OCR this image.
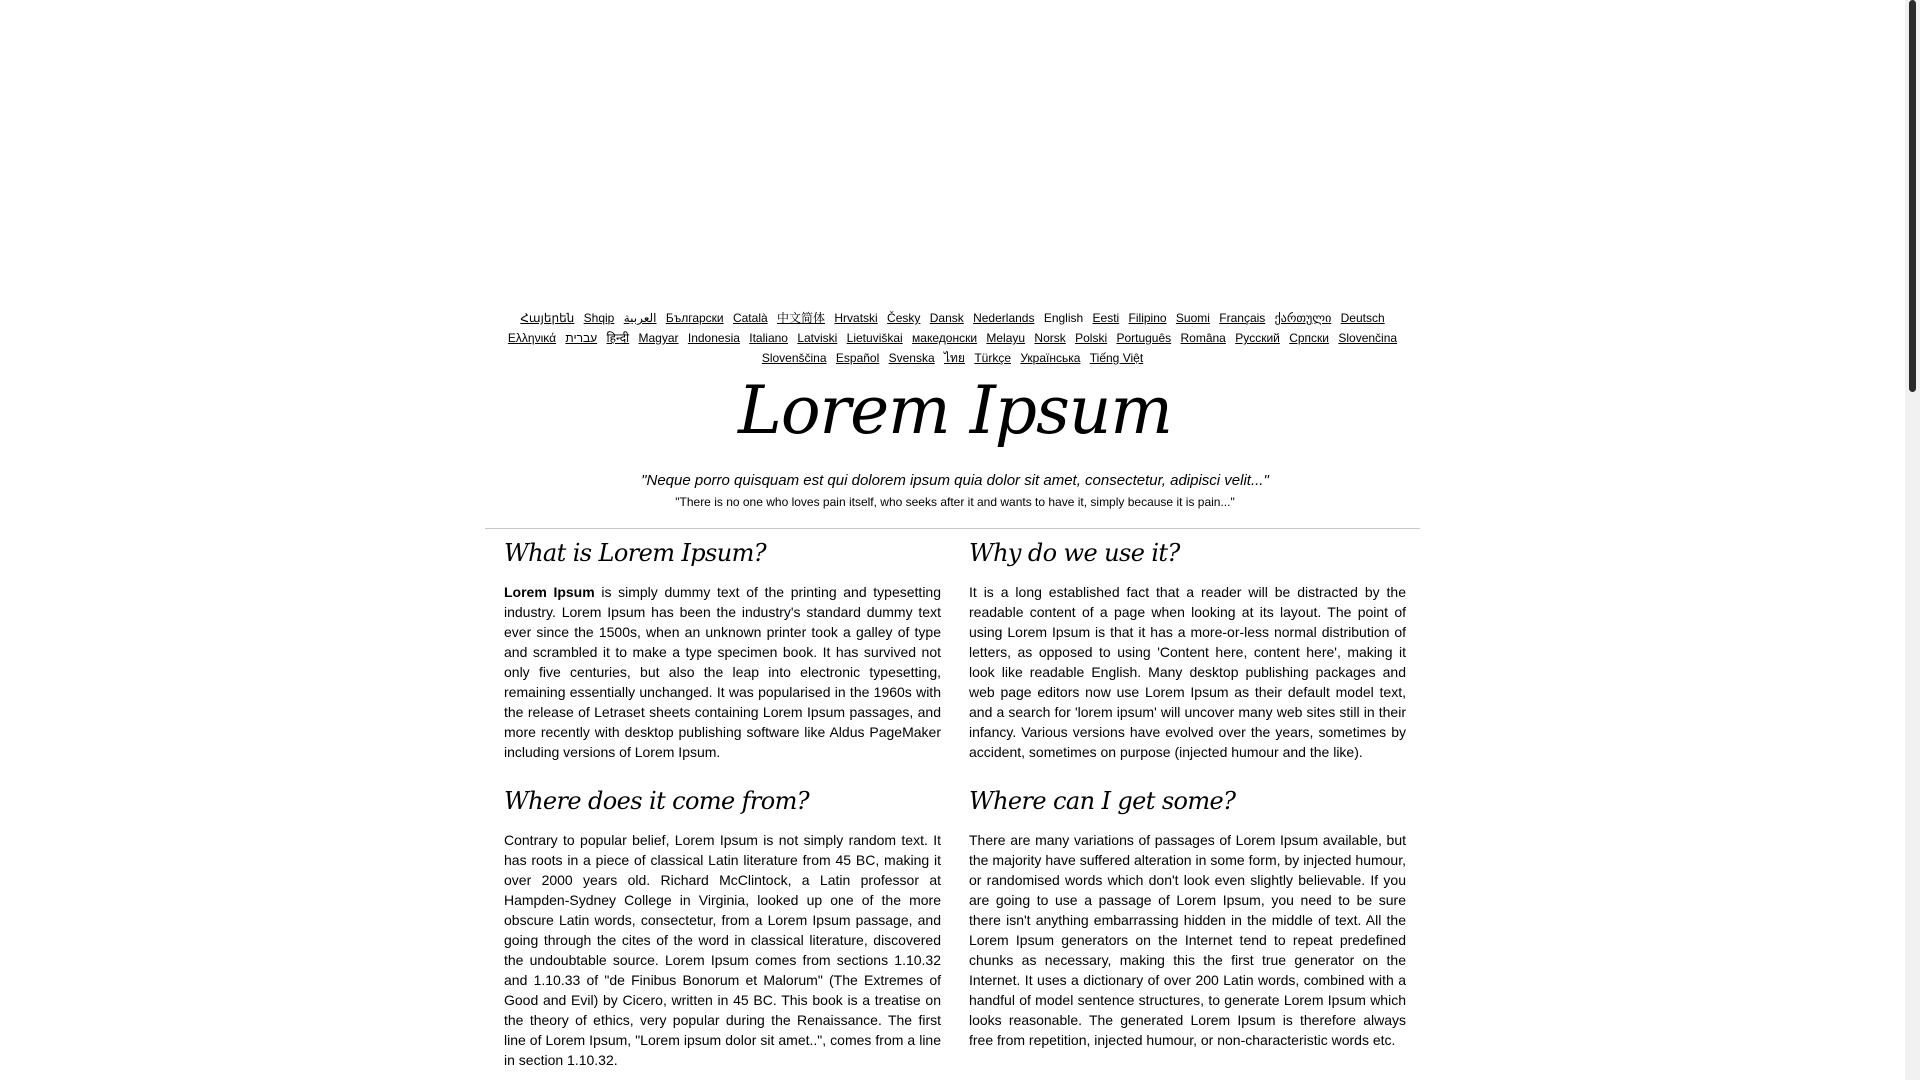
Հայերեն Shqip العربية Български Català 中文简体 Hrvatski Česky Dansk Nederlands English Eesti Filipino Suomi Français ქართული Deutsch Ελληνικά עברית हिन्दी Magyar Indonesia Italiano Latviski Lietuviškai македонски Melayu Norsk Polski Português Româna Pyccкий Српски Slovenčina Slovenščina Español Svenska ไทย Türkçe Українська Tiếng Việt
Lorem Ipsum
"Neque porro quisquam est qui dolorem ipsum quia dolor sit amet, consectetur, adipisci velit..."
"There is no one who loves pain itself, who seeks after it and wants to have it, simply because it is pain..."
What is Lorem Ipsum?

Lorem Ipsum is simply dummy text of the printing and typesetting industry. Lorem Ipsum has been the industry's standard dummy text ever since the 1500s, when an unknown printer took a galley of type and scrambled it to make a type specimen book. It has survived not only five centuries, but also the leap into electronic typesetting, remaining essentially unchanged. It was popularised in the 1960s with the release of Letraset sheets containing Lorem Ipsum passages, and more recently with desktop publishing software like Aldus PageMaker including versions of Lorem Ipsum.

Why do we use it?

It is a long established fact that a reader will be distracted by the readable content of a page when looking at its layout. The point of using Lorem Ipsum is that it has a more-or-less normal distribution of letters, as opposed to using 'Content here, content here', making it look like readable English. Many desktop publishing packages and web page editors now use Lorem Ipsum as their default model text, and a search for 'lorem ipsum' will uncover many web sites still in their infancy. Various versions have evolved over the years, sometimes by accident, sometimes on purpose (injected humour and the like).

Where does it come from?

Contrary to popular belief, Lorem Ipsum is not simply random text. It has roots in a piece of classical Latin literature from 45 BC, making it over 2000 years old. Richard McClintock, a Latin professor at Hampden-Sydney College in Virginia, looked up one of the more obscure Latin words, consectetur, from a Lorem Ipsum passage, and going through the cites of the word in classical literature, discovered the undoubtable source. Lorem Ipsum comes from sections 1.10.32 and 1.10.33 of "de Finibus Bonorum et Malorum" (The Extremes of Good and Evil) by Cicero, written in 45 BC. This book is a treatise on the theory of ethics, very popular during the Renaissance. The first line of Lorem Ipsum, "Lorem ipsum dolor sit amet..", comes from a line in section 1.10.32.

Where can I get some?

There are many variations of passages of Lorem Ipsum available, but the majority have suffered alteration in some form, by injected humour, or randomised words which don't look even slightly believable. If you are going to use a passage of Lorem Ipsum, you need to be sure there isn't anything embarrassing hidden in the middle of text. All the Lorem Ipsum generators on the Internet tend to repeat predefined chunks as necessary, making this the first true generator on the Internet. It uses a dictionary of over 200 Latin words, combined with a handful of model sentence structures, to generate Lorem Ipsum which looks reasonable. The generated Lorem Ipsum is therefore always free from repetition, injected humour, or non-characteristic words etc.
